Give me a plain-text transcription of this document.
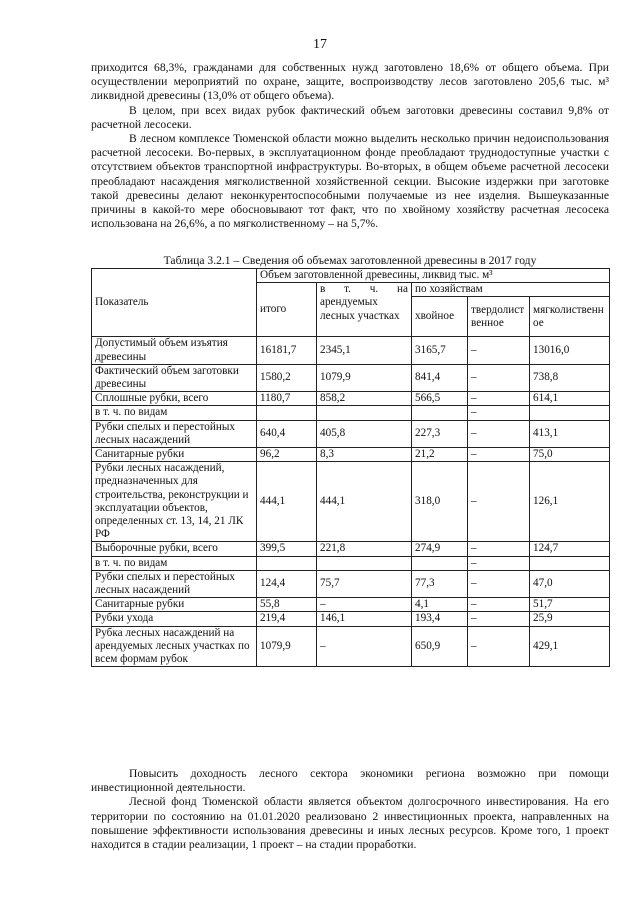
17

приходится 68,3%, гражданами для собственных нужд заготовлено 18,6% от общего объема. При осуществлении мероприятий по охране, защите, воспроизводству лесов заготовлено 205,6 тыс. м³ ликвидной древесины (13,0% от общего объема).

В целом, при всех видах рубок фактический объем заготовки древесины составил 9,8% от расчетной лесосеки.

В лесном комплексе Тюменской области можно выделить несколько причин недоиспользования расчетной лесосеки. Во-первых, в эксплуатационном фонде преобладают труднодоступные участки с отсутствием объектов транспортной инфраструктуры. Во-вторых, в общем объеме расчетной лесосеки преобладают насаждения мягколиственной хозяйственной секции. Высокие издержки при заготовке такой древесины делают неконкурентоспособными получаемые из нее изделия. Вышеуказанные причины в какой-то мере обосновывают тот факт, что по хвойному хозяйству расчетная лесосека использована на 26,6%, а по мягколиственному – на 5,7%.

Таблица 3.2.1 – Сведения об объемах заготовленной древесины в 2017 году
Показатель	Объем заготовленной древесины, ликвид тыс. м³				
	итого	в т. ч. на арендуемых лесных участках	по хозяйствам		
			хвойное	твердолиственное	мягколиственное
Допустимый объем изъятия древесины	16181,7	2345,1	3165,7	–	13016,0
Фактический объем заготовки древесины	1580,2	1079,9	841,4	–	738,8
Сплошные рубки, всего	1180,7	858,2	566,5	–	614,1
в т. ч. по видам				–	
Рубки спелых и перестойных лесных насаждений	640,4	405,8	227,3	–	413,1
Санитарные рубки	96,2	8,3	21,2	–	75,0
Рубки лесных насаждений, предназначенных для строительства, реконструкции и эксплуатации объектов, определенных ст. 13, 14, 21 ЛК РФ	444,1	444,1	318,0	–	126,1
Выборочные рубки, всего	399,5	221,8	274,9	–	124,7
в т. ч. по видам				–	
Рубки спелых и перестойных лесных насаждений	124,4	75,7	77,3	–	47,0
Санитарные рубки	55,8	–	4,1	–	51,7
Рубки ухода	219,4	146,1	193,4	–	25,9
Рубка лесных насаждений на арендуемых лесных участках по всем формам рубок	1079,9	–	650,9	–	429,1

Повысить доходность лесного сектора экономики региона возможно при помощи инвестиционной деятельности.

Лесной фонд Тюменской области является объектом долгосрочного инвестирования. На его территории по состоянию на 01.01.2020 реализовано 2 инвестиционных проекта, направленных на повышение эффективности использования древесины и иных лесных ресурсов. Кроме того, 1 проект находится в стадии реализации, 1 проект – на стадии проработки.
